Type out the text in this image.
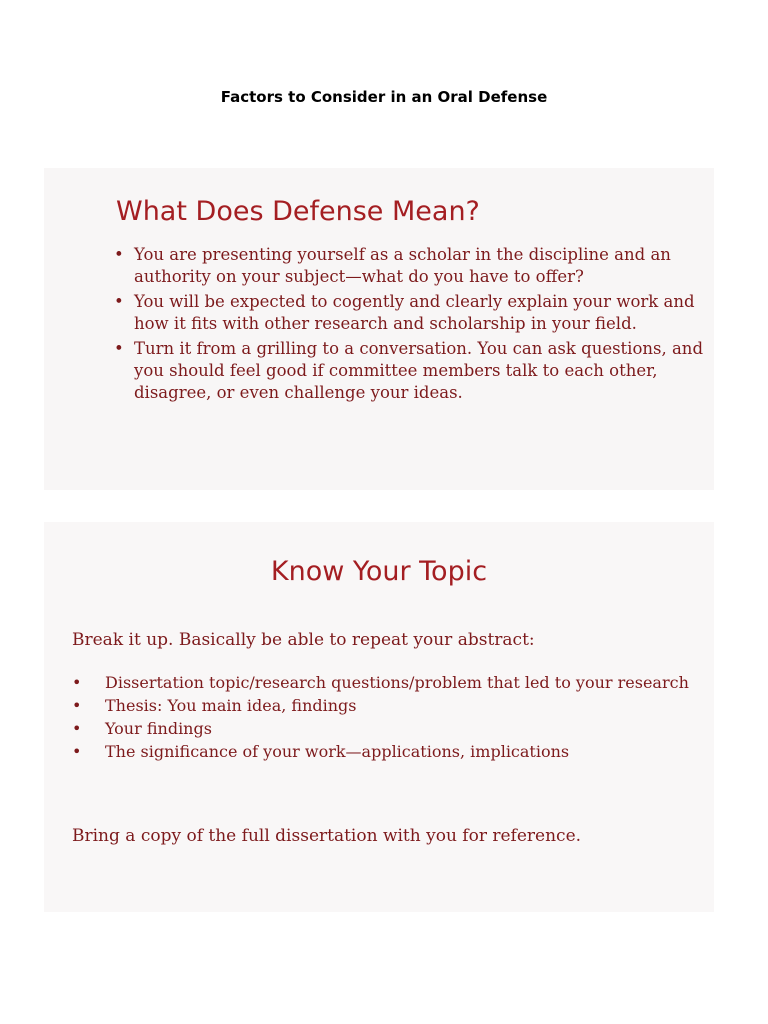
Factors to Consider in an Oral Defense
What Does Defense Mean?
• You are presenting yourself as a scholar in the discipline and an authority on your subject—what do you have to offer?
• You will be expected to cogently and clearly explain your work and how it fits with other research and scholarship in your field.
• Turn it from a grilling to a conversation. You can ask questions, and you should feel good if committee members talk to each other, disagree, or even challenge your ideas.
Know Your Topic
Break it up. Basically be able to repeat your abstract:
• Dissertation topic/research questions/problem that led to your research
• Thesis: You main idea, findings
• Your findings
• The significance of your work—applications, implications
Bring a copy of the full dissertation with you for reference.
